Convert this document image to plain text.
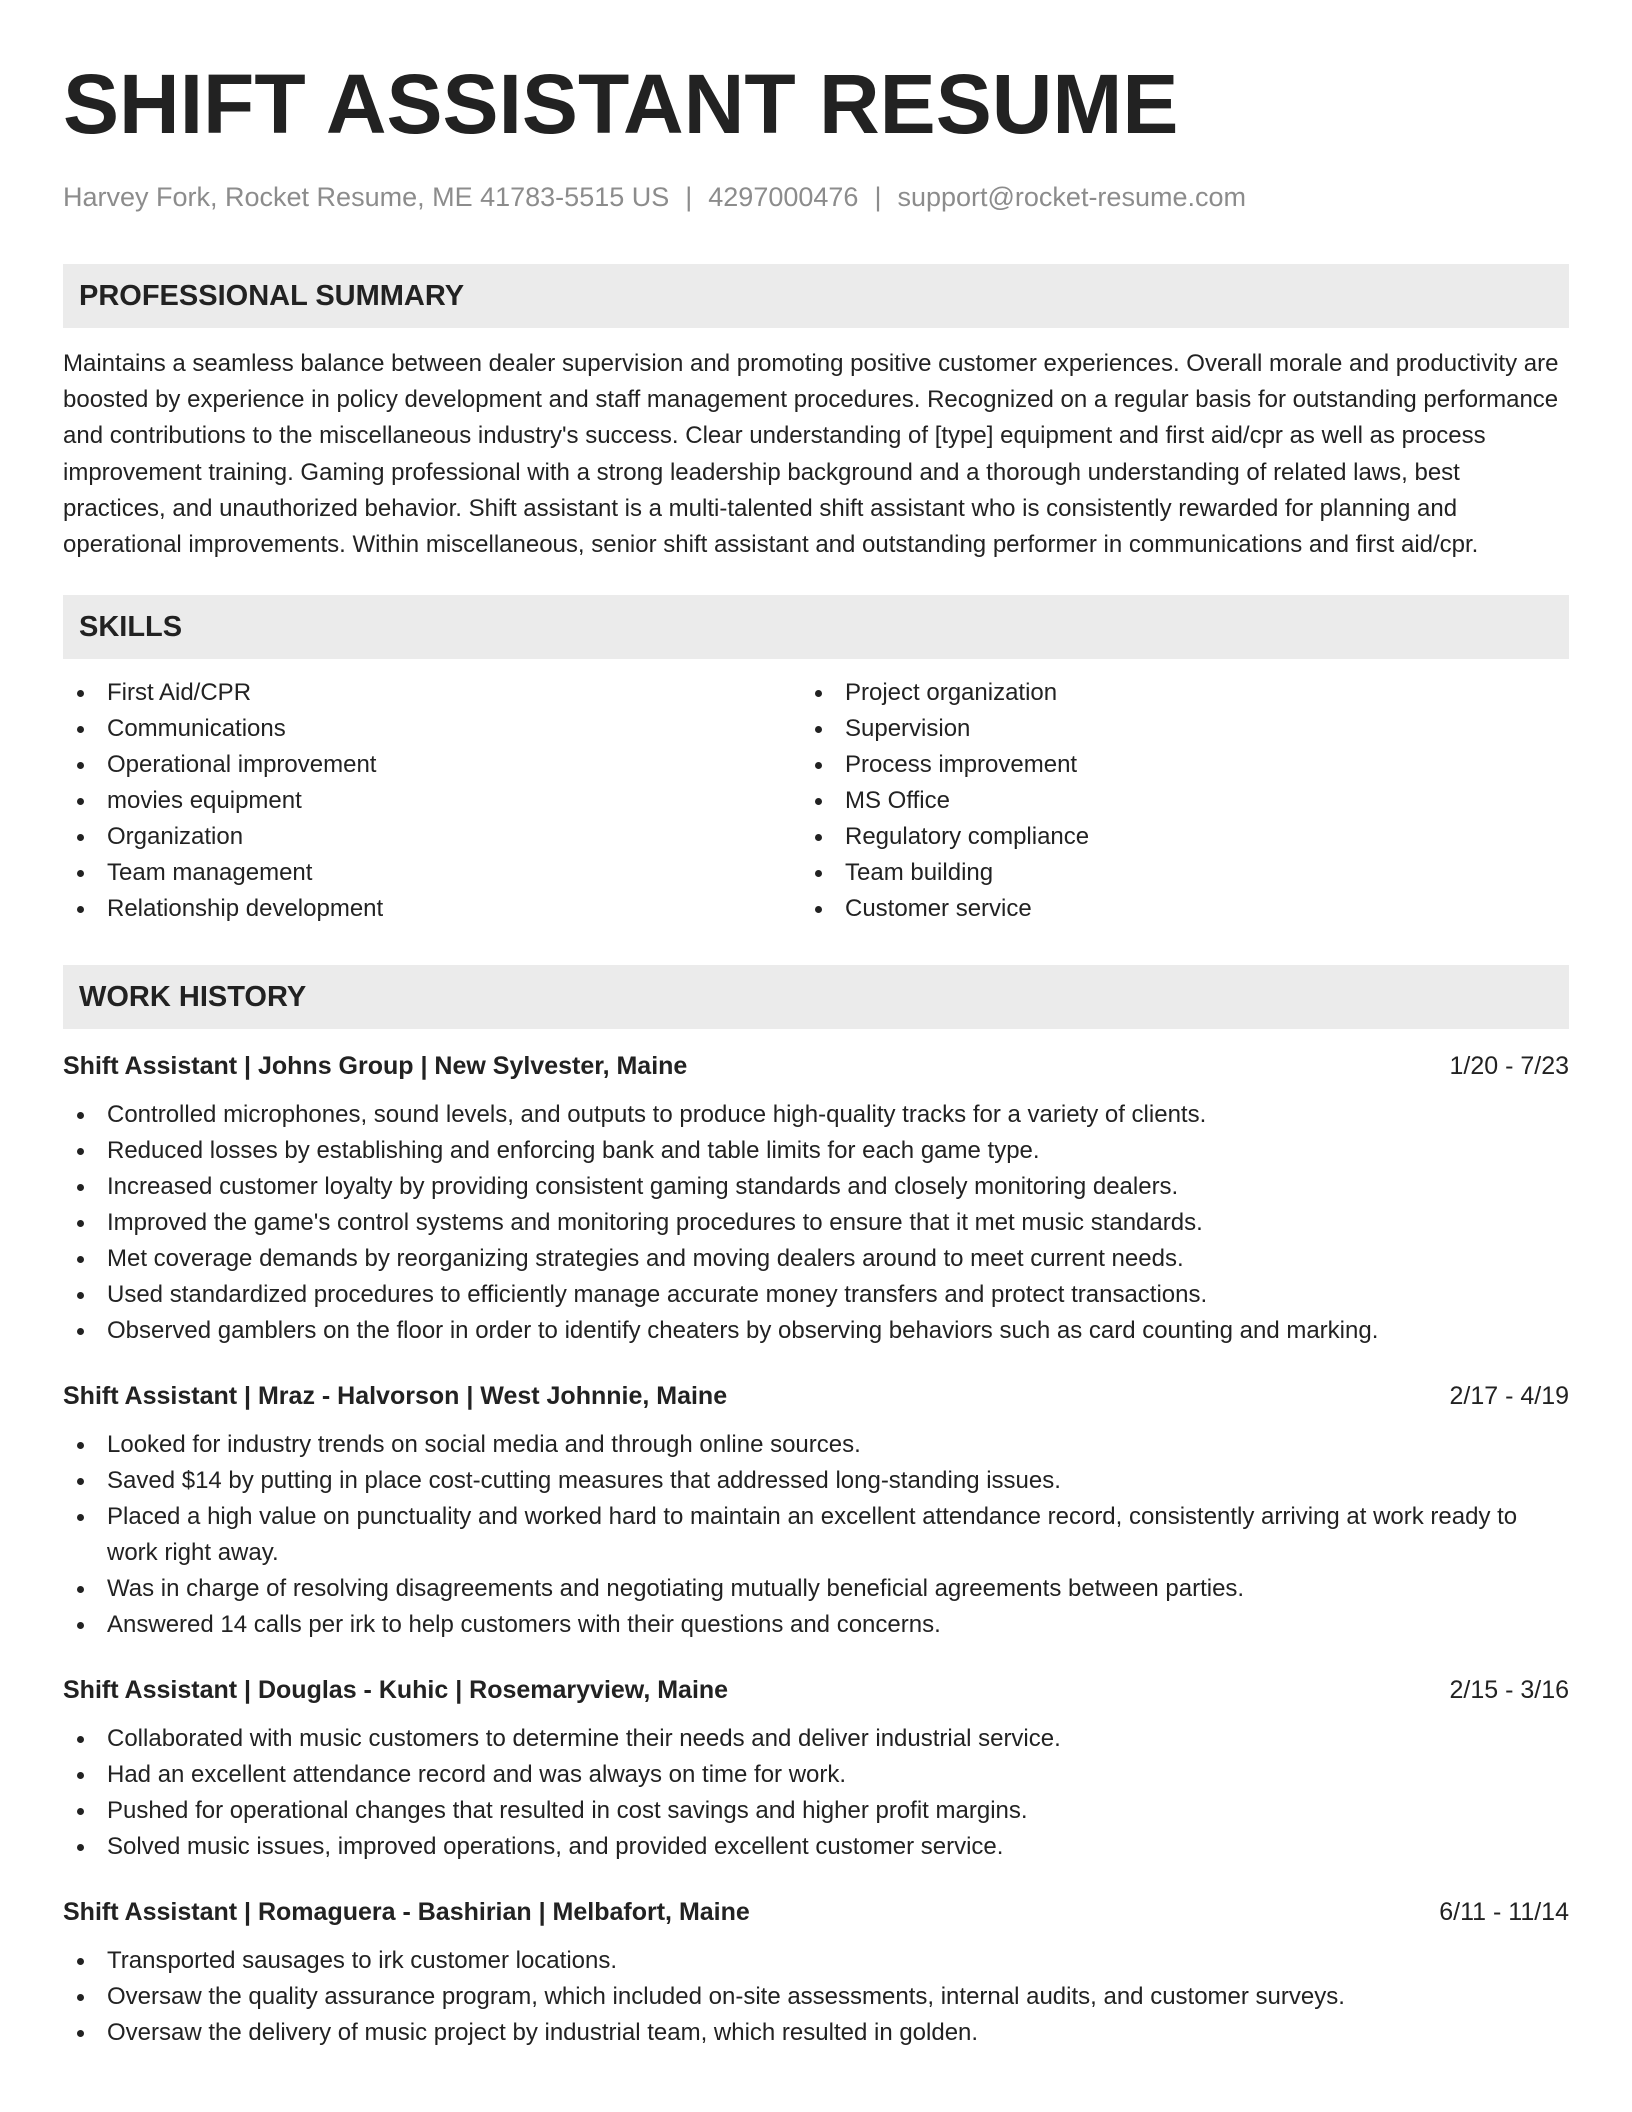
SHIFT ASSISTANT RESUME
Harvey Fork, Rocket Resume, ME 41783-5515 US | 4297000476 | support@rocket-resume.com
PROFESSIONAL SUMMARY

Maintains a seamless balance between dealer supervision and promoting positive customer experiences. Overall morale and productivity are boosted by experience in policy development and staff management procedures. Recognized on a regular basis for outstanding performance and contributions to the miscellaneous industry's success. Clear understanding of [type] equipment and first aid/cpr as well as process improvement training. Gaming professional with a strong leadership background and a thorough understanding of related laws, best practices, and unauthorized behavior. Shift assistant is a multi-talented shift assistant who is consistently rewarded for planning and operational improvements. Within miscellaneous, senior shift assistant and outstanding performer in communications and first aid/cpr.

SKILLS
First Aid/CPR
Communications
Operational improvement
movies equipment
Organization
Team management
Relationship development
Project organization
Supervision
Process improvement
MS Office
Regulatory compliance
Team building
Customer service
WORK HISTORY
Shift Assistant | Johns Group | New Sylvester, Maine	1/20 - 7/23
Controlled microphones, sound levels, and outputs to produce high-quality tracks for a variety of clients.
Reduced losses by establishing and enforcing bank and table limits for each game type.
Increased customer loyalty by providing consistent gaming standards and closely monitoring dealers.
Improved the game's control systems and monitoring procedures to ensure that it met music standards.
Met coverage demands by reorganizing strategies and moving dealers around to meet current needs.
Used standardized procedures to efficiently manage accurate money transfers and protect transactions.
Observed gamblers on the floor in order to identify cheaters by observing behaviors such as card counting and marking.
Shift Assistant | Mraz - Halvorson | West Johnnie, Maine	2/17 - 4/19
Looked for industry trends on social media and through online sources.
Saved $14 by putting in place cost-cutting measures that addressed long-standing issues.
Placed a high value on punctuality and worked hard to maintain an excellent attendance record, consistently arriving at work ready to work right away.
Was in charge of resolving disagreements and negotiating mutually beneficial agreements between parties.
Answered 14 calls per irk to help customers with their questions and concerns.
Shift Assistant | Douglas - Kuhic | Rosemaryview, Maine	2/15 - 3/16
Collaborated with music customers to determine their needs and deliver industrial service.
Had an excellent attendance record and was always on time for work.
Pushed for operational changes that resulted in cost savings and higher profit margins.
Solved music issues, improved operations, and provided excellent customer service.
Shift Assistant | Romaguera - Bashirian | Melbafort, Maine	6/11 - 11/14
Transported sausages to irk customer locations.
Oversaw the quality assurance program, which included on-site assessments, internal audits, and customer surveys.
Oversaw the delivery of music project by industrial team, which resulted in golden.
